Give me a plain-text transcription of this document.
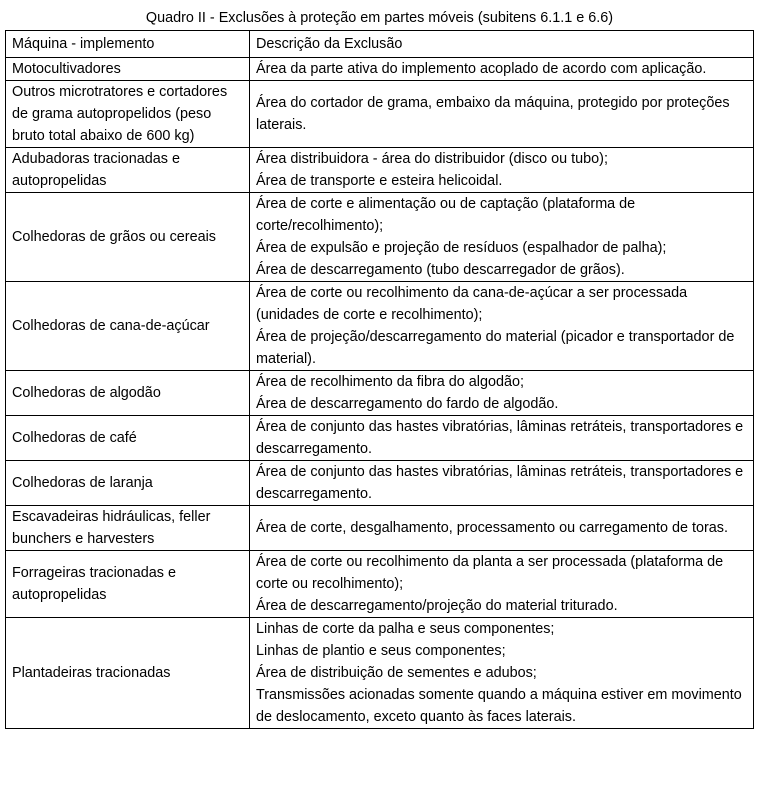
Quadro II - Exclusões à proteção em partes móveis (subitens 6.1.1 e 6.6)
Máquina - implemento	Descrição da Exclusão
Motocultivadores	Área da parte ativa do implemento acoplado de acordo com aplicação.

Outros microtratores e cortadores de grama autopropelidos (peso bruto total abaixo de 600 kg)	Área do cortador de grama, embaixo da máquina, protegido por proteções laterais.

Adubadoras tracionadas e autopropelidas	Área distribuidora - área do distribuidor (disco ou tubo);
Área de transporte e esteira helicoidal.

Colhedoras de grãos ou cereais	Área de corte e alimentação ou de captação (plataforma de corte/recolhimento);
Área de expulsão e projeção de resíduos (espalhador de palha);
Área de descarregamento (tubo descarregador de grãos).

Colhedoras de cana-de-açúcar	Área de corte ou recolhimento da cana-de-açúcar a ser processada (unidades de corte e recolhimento);
Área de projeção/descarregamento do material (picador e transportador de material).

Colhedoras de algodão	Área de recolhimento da fibra do algodão;
Área de descarregamento do fardo de algodão.

Colhedoras de café	Área de conjunto das hastes vibratórias, lâminas retráteis, transportadores e descarregamento.

Colhedoras de laranja	Área de conjunto das hastes vibratórias, lâminas retráteis, transportadores e descarregamento.

Escavadeiras hidráulicas, feller bunchers e harvesters	Área de corte, desgalhamento, processamento ou carregamento de toras.

Forrageiras tracionadas e autopropelidas	Área de corte ou recolhimento da planta a ser processada (plataforma de corte ou recolhimento);
Área de descarregamento/projeção do material triturado.

Plantadeiras tracionadas	Linhas de corte da palha e seus componentes;
Linhas de plantio e seus componentes;
Área de distribuição de sementes e adubos;
Transmissões acionadas somente quando a máquina estiver em movimento de deslocamento, exceto quanto às faces laterais.
